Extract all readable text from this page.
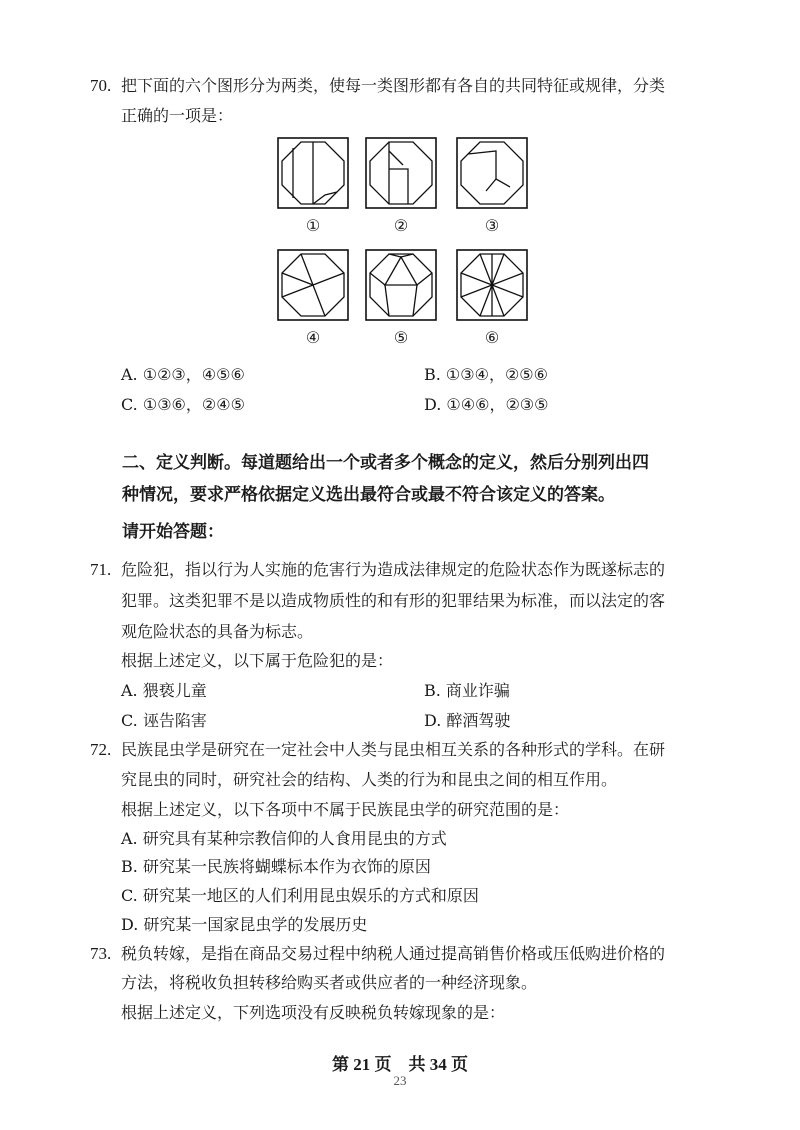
70. 把下面的六个图形分为两类，使每一类图形都有各自的共同特征或规律，分类
正确的一项是：
①	②	③
④	⑤	⑥
A. ①②③，④⑤⑥	B. ①③④，②⑤⑥
C. ①③⑥，②④⑤	D. ①④⑥，②③⑤
二、定义判断。每道题给出一个或者多个概念的定义，然后分别列出四
种情况，要求严格依据定义选出最符合或最不符合该定义的答案。
请开始答题：
71. 危险犯，指以行为人实施的危害行为造成法律规定的危险状态作为既遂标志的
犯罪。这类犯罪不是以造成物质性的和有形的犯罪结果为标准，而以法定的客
观危险状态的具备为标志。
根据上述定义，以下属于危险犯的是：
A. 猥亵儿童	B. 商业诈骗
C. 诬告陷害	D. 醉酒驾驶
72. 民族昆虫学是研究在一定社会中人类与昆虫相互关系的各种形式的学科。在研
究昆虫的同时，研究社会的结构、人类的行为和昆虫之间的相互作用。
根据上述定义，以下各项中不属于民族昆虫学的研究范围的是：
A. 研究具有某种宗教信仰的人食用昆虫的方式
B. 研究某一民族将蝴蝶标本作为衣饰的原因
C. 研究某一地区的人们利用昆虫娱乐的方式和原因
D. 研究某一国家昆虫学的发展历史
73. 税负转嫁，是指在商品交易过程中纳税人通过提高销售价格或压低购进价格的
方法，将税收负担转移给购买者或供应者的一种经济现象。
根据上述定义，下列选项没有反映税负转嫁现象的是：
第 21 页　共 34 页
23
